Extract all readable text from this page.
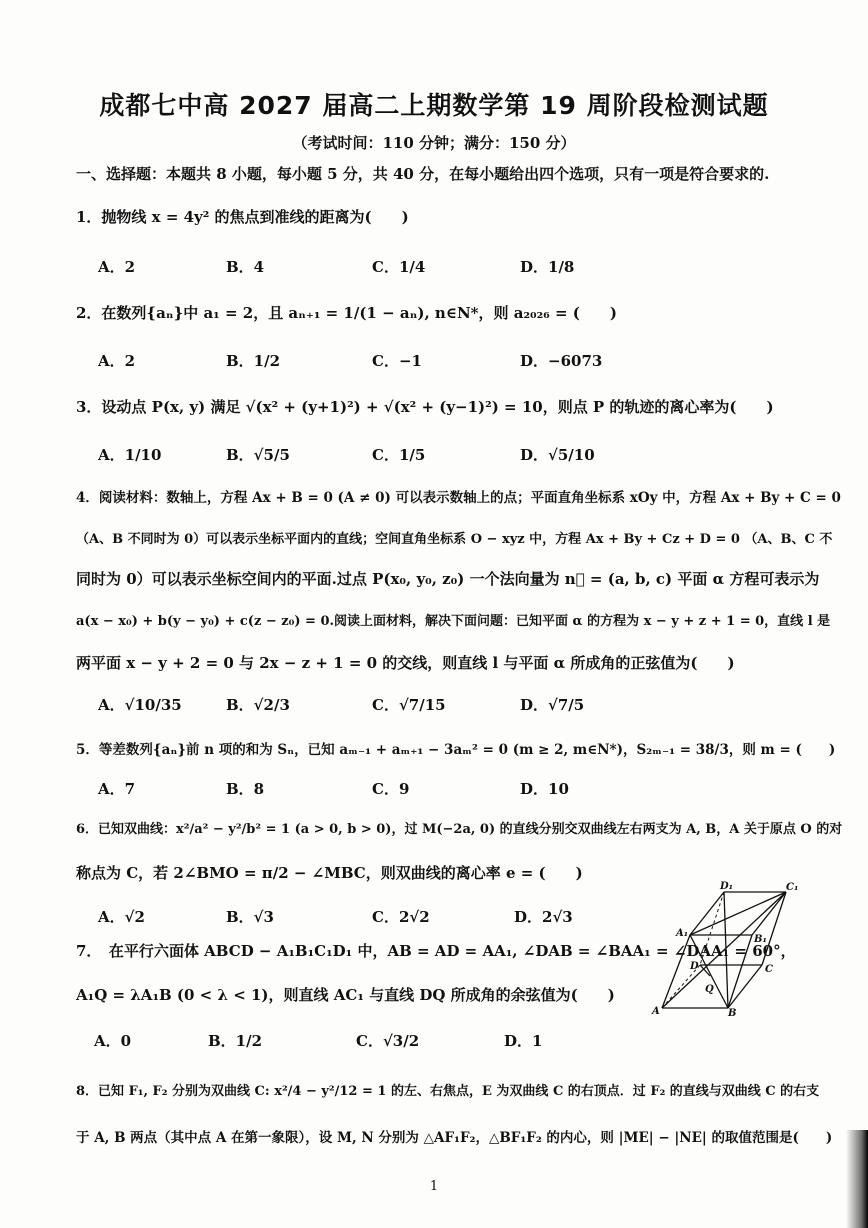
成都七中高 2027 届高二上期数学第 19 周阶段检测试题
（考试时间：110 分钟；满分：150 分）
一、选择题：本题共 8 小题，每小题 5 分，共 40 分，在每小题给出四个选项，只有一项是符合要求的.
1．抛物线 x = 4y² 的焦点到准线的距离为(　　)
A．2	B．4	C．1/4	D．1/8
2．在数列{aₙ}中 a₁ = 2，且 aₙ₊₁ = 1/(1 − aₙ), n∈N*，则 a₂₀₂₆ = (　　)
A．2	B．1/2	C．−1	D．−6073
3．设动点 P(x, y) 满足 √(x² + (y+1)²) + √(x² + (y−1)²) = 10，则点 P 的轨迹的离心率为(　　)
A．1/10	B．√5/5	C．1/5	D．√5/10
4．阅读材料：数轴上，方程 Ax + B = 0 (A ≠ 0) 可以表示数轴上的点；平面直角坐标系 xOy 中，方程 Ax + By + C = 0
（A、B 不同时为 0）可以表示坐标平面内的直线；空间直角坐标系 O − xyz 中，方程 Ax + By + Cz + D = 0 （A、B、C 不
同时为 0）可以表示坐标空间内的平面.过点 P(x₀, y₀, z₀) 一个法向量为 n⃗ = (a, b, c) 平面 α 方程可表示为
a(x − x₀) + b(y − y₀) + c(z − z₀) = 0.阅读上面材料，解决下面问题：已知平面 α 的方程为 x − y + z + 1 = 0，直线 l 是
两平面 x − y + 2 = 0 与 2x − z + 1 = 0 的交线，则直线 l 与平面 α 所成角的正弦值为(　　)
A．√10/35	B．√2/3	C．√7/15	D．√7/5
5．等差数列{aₙ}前 n 项的和为 Sₙ，已知 aₘ₋₁ + aₘ₊₁ − 3aₘ² = 0 (m ≥ 2, m∈N*)，S₂ₘ₋₁ = 38/3，则 m = (　　)
A．7	B．8	C．9	D．10
6．已知双曲线：x²/a² − y²/b² = 1 (a > 0, b > 0)，过 M(−2a, 0) 的直线分别交双曲线左右两支为 A, B，A 关于原点 O 的对
称点为 C，若 2∠BMO = π/2 − ∠MBC，则双曲线的离心率 e = (　　)
A．√2	B．√3	C．2√2	D．2√3
7．　在平行六面体 ABCD − A₁B₁C₁D₁ 中，AB = AD = AA₁, ∠DAB = ∠BAA₁ = ∠DAA₁ = 60°，
A₁Q = λA₁B (0 < λ < 1)，则直线 AC₁ 与直线 DQ 所成角的余弦值为(　　)
A．0	B．1/2	C．√3/2	D．1
8．已知 F₁, F₂ 分别为双曲线 C: x²/4 − y²/12 = 1 的左、右焦点，E 为双曲线 C 的右顶点．过 F₂ 的直线与双曲线 C 的右支
于 A, B 两点（其中点 A 在第一象限），设 M, N 分别为 △AF₁F₂，△BF₁F₂ 的内心，则 |ME| − |NE| 的取值范围是(　　)
D₁	C₁
A₁
B₁
D	C
Q
A	B
1
